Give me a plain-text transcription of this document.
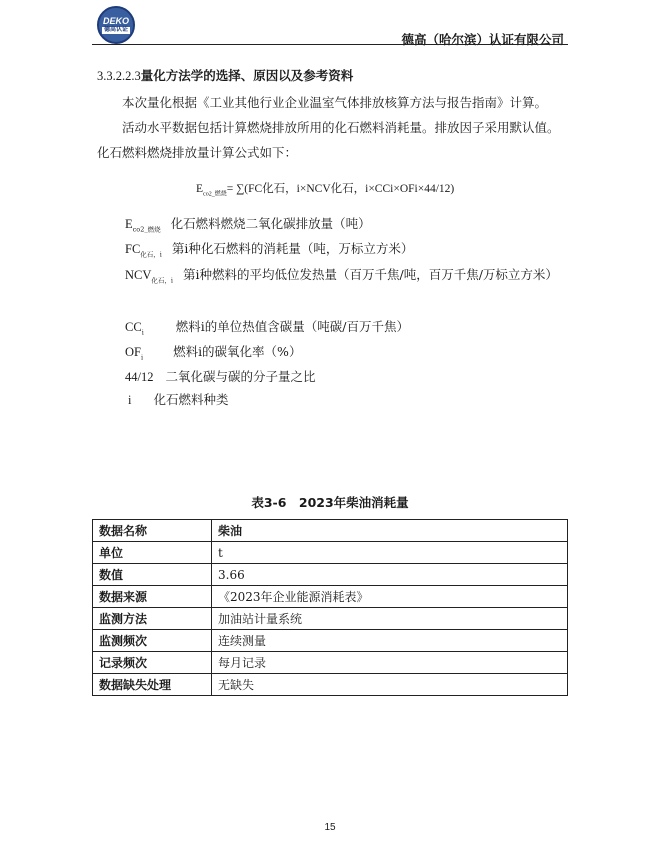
DEKO
德高认证
德高（哈尔滨）认证有限公司
3.3.2.2.3量化方法学的选择、原因以及参考资料
本次量化根据《工业其他行业企业温室气体排放核算方法与报告指南》计算。
活动水平数据包括计算燃烧排放所用的化石燃料消耗量。排放因子采用默认值。化石燃料燃烧排放量计算公式如下：
$E_{co2\_燃烧}= \sum(FC$化石，i×NCV化石，i×CCi×OFi×44/12)
$E_{co2\_燃烧}$ 化石燃料燃烧二氧化碳排放量（吨）
$FC_{化石,i}$ 第i种化石燃料的消耗量（吨，万标立方米）
$NCV_{化石,i}$ 第i种燃料的平均低位发热量（百万千焦/吨，百万千焦/万标立方米）
$CC_i$	燃料i的单位热值含碳量（吨碳/百万千焦）
$OF_i$ 燃料i的碳氧化率（%）
44/12 二氧化碳与碳的分子量之比
i 化石燃料种类
表3-6　2023年柴油消耗量
数据名称	柴油
单位	t
数值	3.66
数据来源	《2023年企业能源消耗表》
监测方法	加油站计量系统
监测频次	连续测量
记录频次	每月记录
数据缺失处理	无缺失
15
